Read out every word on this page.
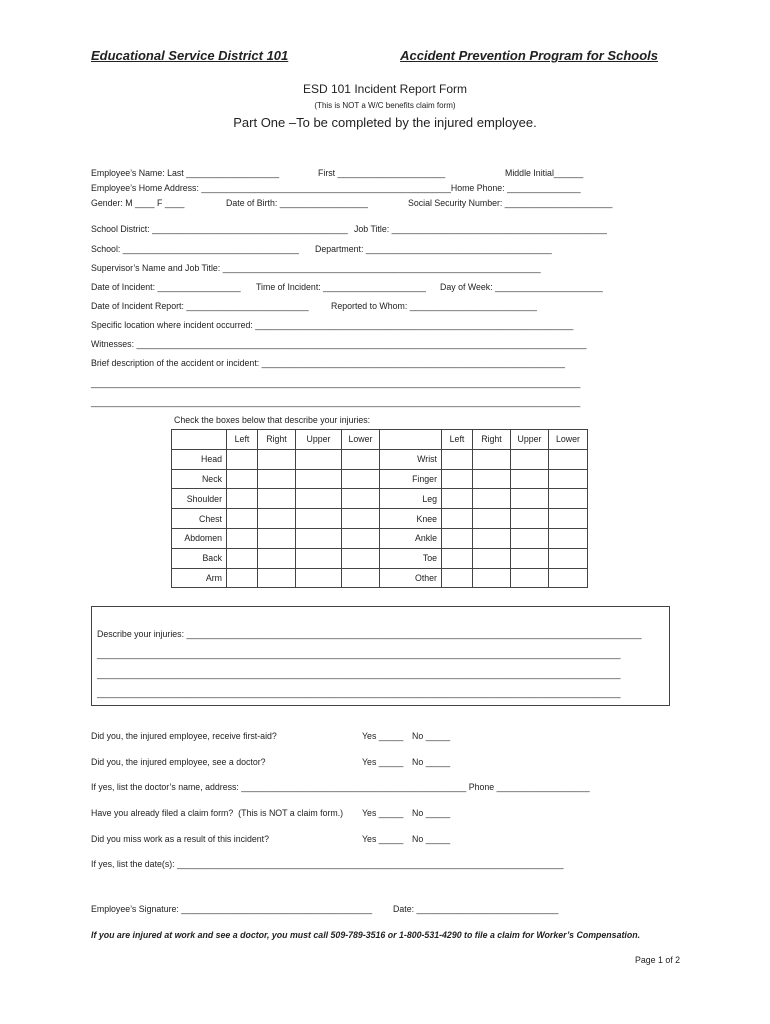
Educational Service District 101	Accident Prevention Program for Schools
ESD 101 Incident Report Form
(This is NOT a W/C benefits claim form)
Part One –To be completed by the injured employee.
Employee’s Name: Last ___________________	First ______________________	Middle Initial______
Employee’s Home Address: ___________________________________________________Home Phone: _______________
Gender: M ____ F ____	Date of Birth: __________________	Social Security Number: ______________________
School District: ________________________________________ Job Title: ____________________________________________
School: ____________________________________ Department: ______________________________________
Supervisor’s Name and Job Title: _________________________________________________________________
Date of Incident: _________________ Time of Incident: _____________________ Day of Week: ______________________
Date of Incident Report: _________________________	Reported to Whom: __________________________
Specific location where incident occurred: _________________________________________________________________
Witnesses: ____________________________________________________________________________________________
Brief description of the accident or incident: ______________________________________________________________
____________________________________________________________________________________________________
____________________________________________________________________________________________________
Check the boxes below that describe your injuries:
	Left	Right	Upper	Lower		Left	Right	Upper	Lower
Head					Wrist				
Neck					Finger				
Shoulder					Leg				
Chest					Knee				
Abdomen					Ankle				
Back					Toe				
Arm					Other				
Describe your injuries: _____________________________________________________________________________________________
___________________________________________________________________________________________________________
___________________________________________________________________________________________________________
___________________________________________________________________________________________________________
Did you, the injured employee, receive first-aid?	Yes _____ No _____
Did you, the injured employee, see a doctor?	Yes _____ No _____
If yes, list the doctor’s name, address: ______________________________________________ Phone ___________________
Have you already filed a claim form?  (This is NOT a claim form.) Yes _____ No _____
Did you miss work as a result of this incident?	Yes _____ No _____
If yes, list the date(s): _______________________________________________________________________________
Employee’s Signature: _______________________________________ Date: _____________________________
If you are injured at work and see a doctor, you must call 509-789-3516 or 1-800-531-4290 to file a claim for Worker’s Compensation.
Page 1 of 2
